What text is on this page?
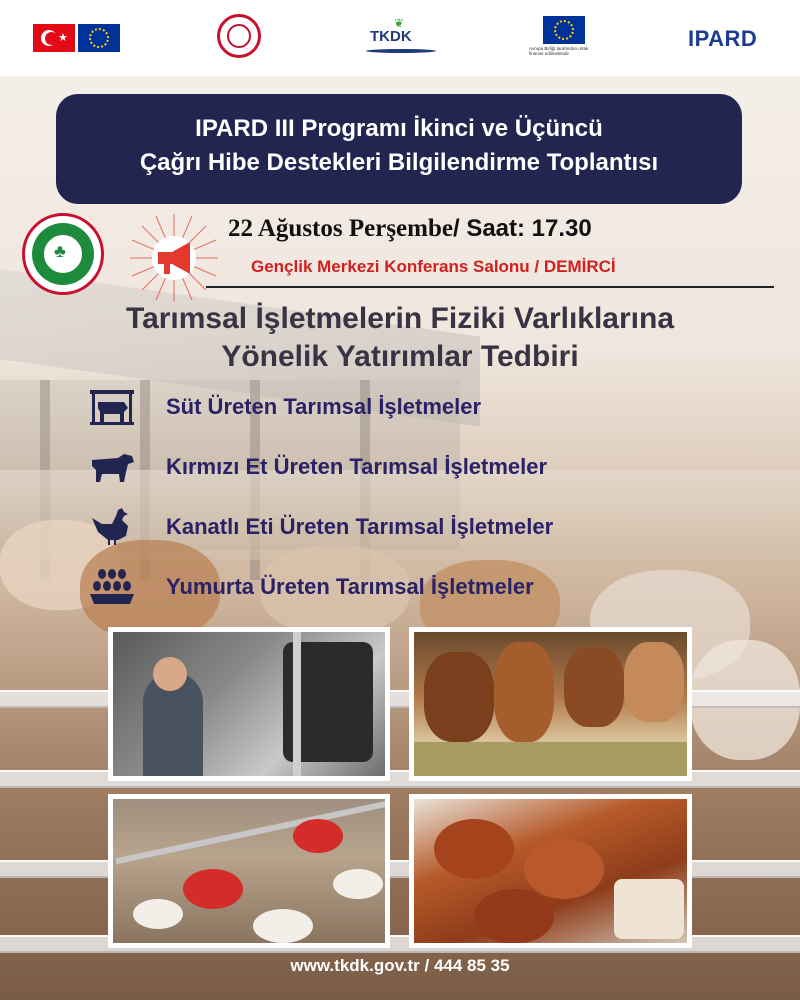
★
❦
TKDK
Avrupa Birliği tarafından ortak finanse edilmektedir
IPARD
IPARD III Programı İkinci ve Üçüncü
Çağrı Hibe Destekleri Bilgilendirme Toplantısı
♣
22 Ağustos Perşembe/ Saat: 17.30
Gençlik Merkezi Konferans Salonu / DEMİRCİ
Tarımsal İşletmelerin Fiziki Varlıklarına
Yönelik Yatırımlar Tedbiri
Süt Üreten Tarımsal İşletmeler
Kırmızı Et Üreten Tarımsal İşletmeler
Kanatlı Eti Üreten Tarımsal İşletmeler
Yumurta Üreten Tarımsal İşletmeler
www.tkdk.gov.tr / 444 85 35
